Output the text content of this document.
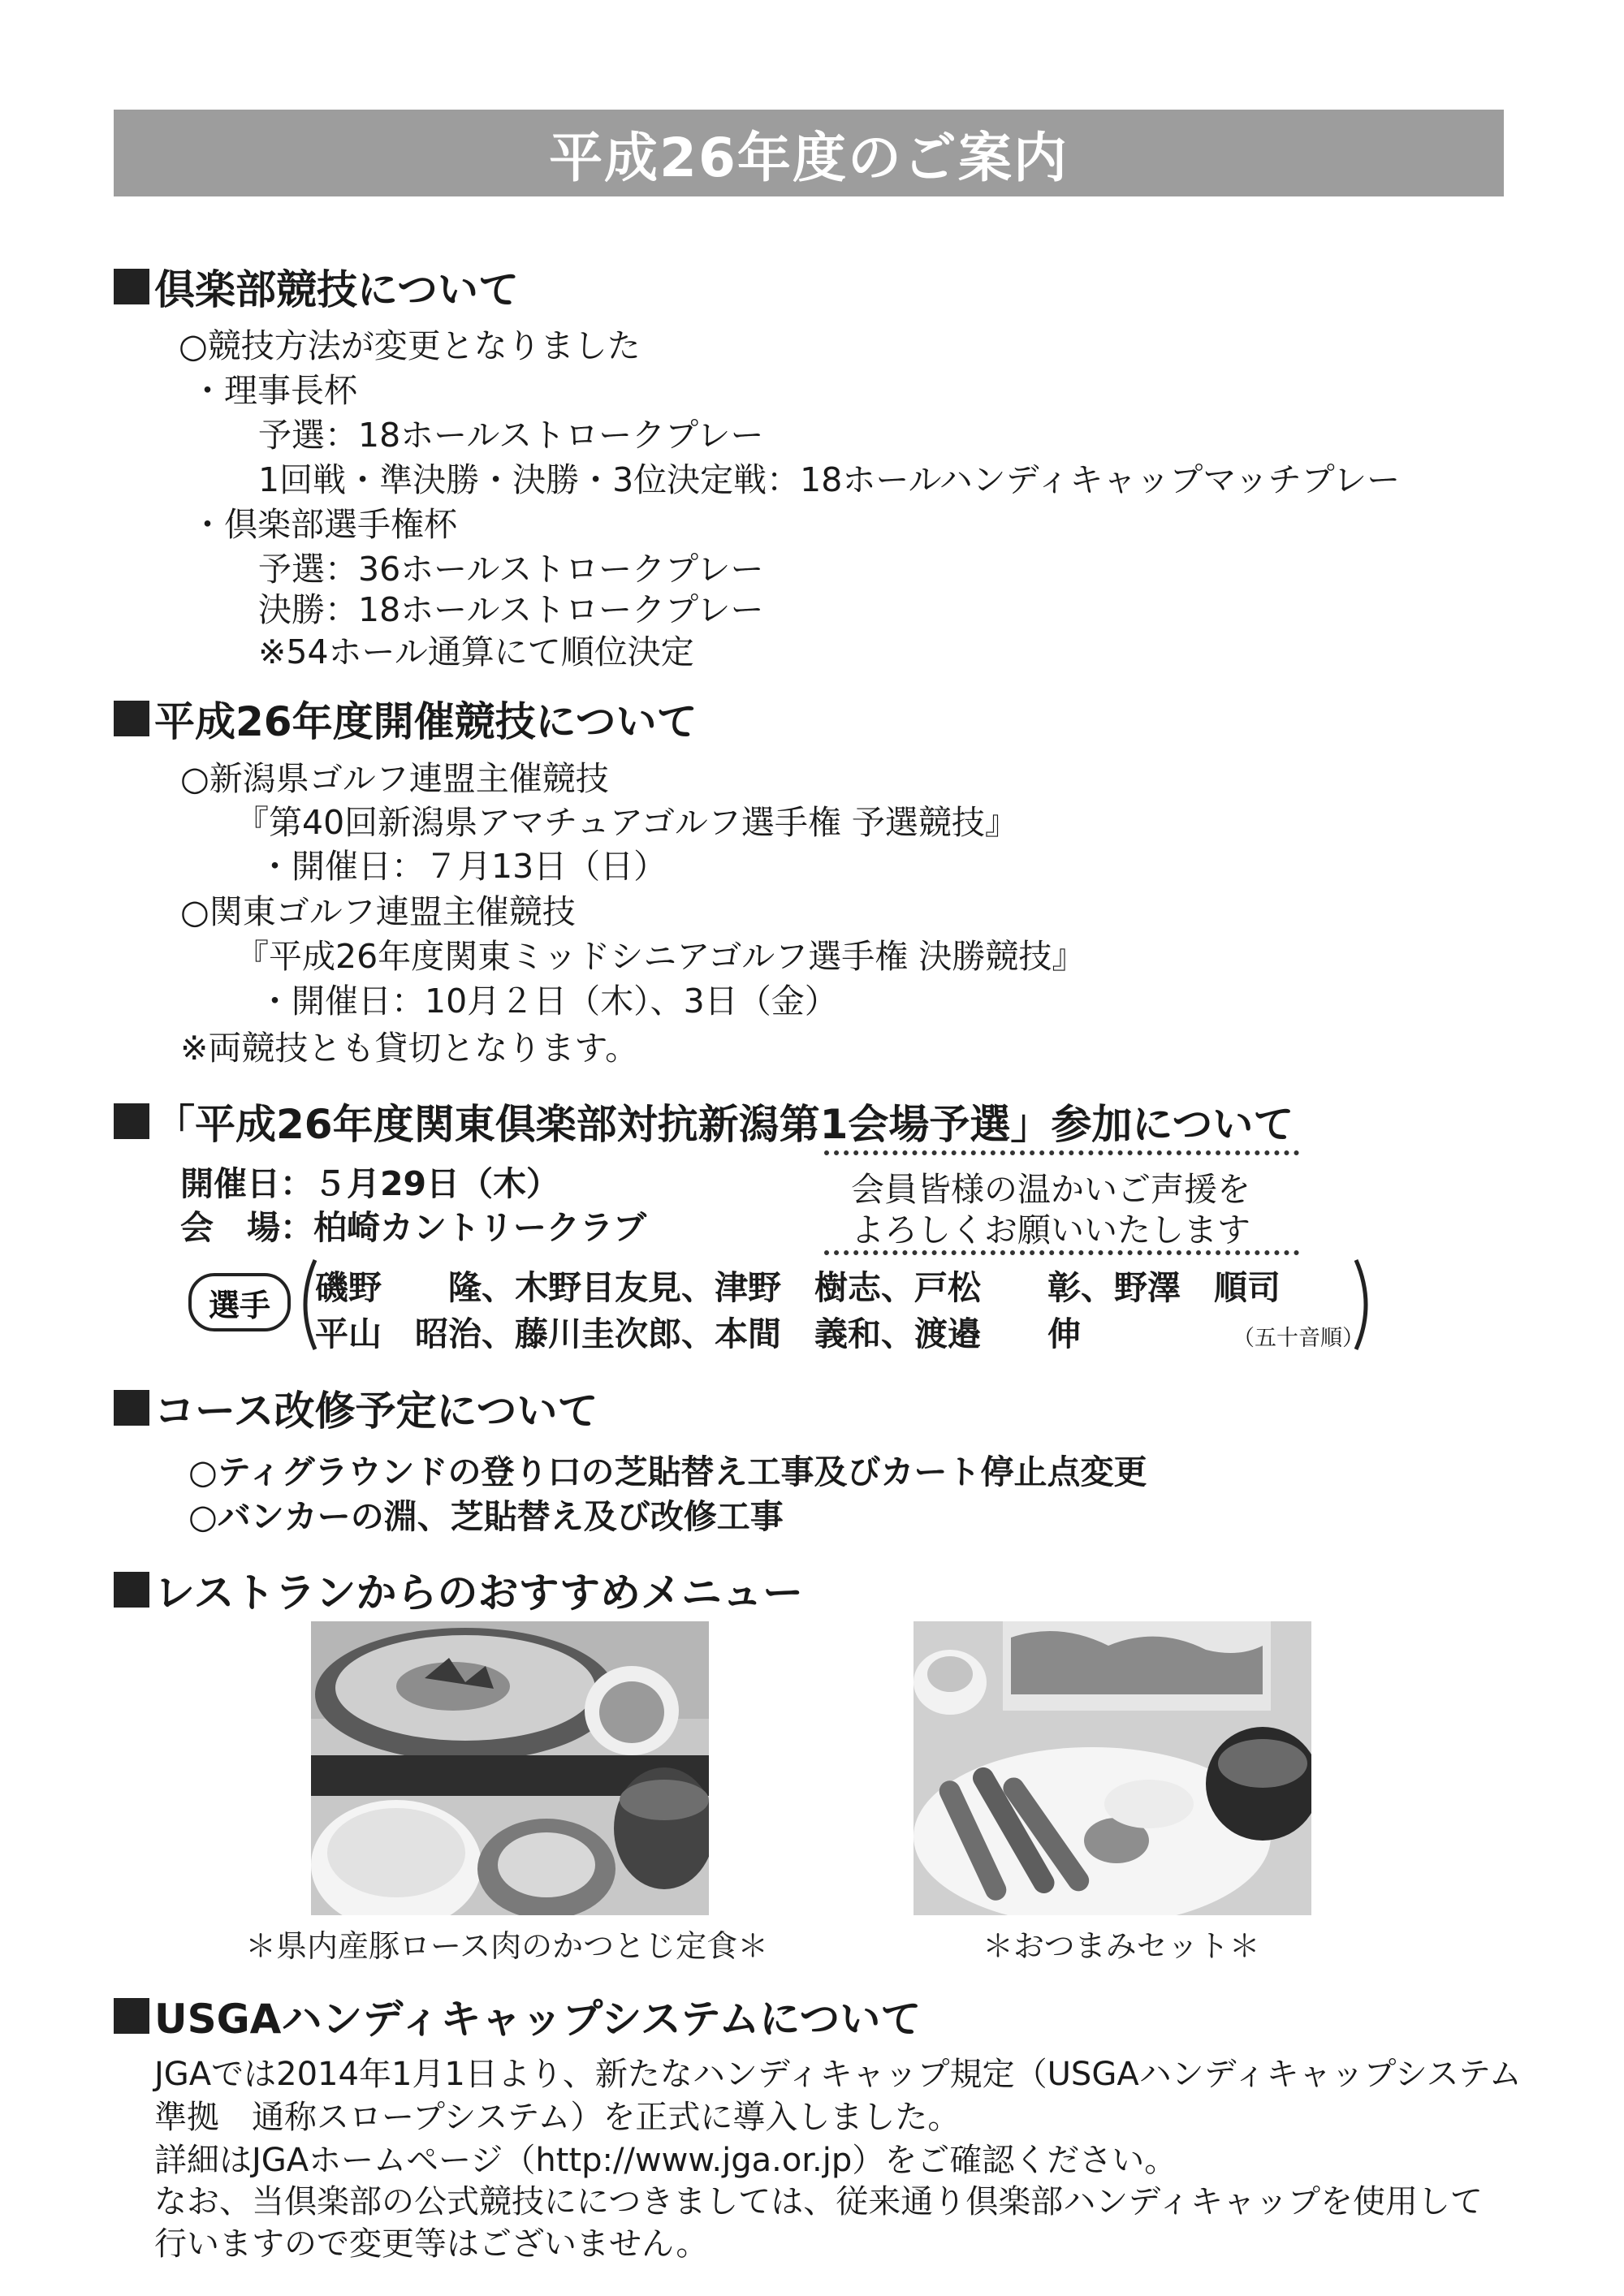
平成26年度のご案内
倶楽部競技について
○競技方法が変更となりました
・理事長杯
予選：18ホールストロークプレー
1回戦・準決勝・決勝・3位決定戦：18ホールハンディキャップマッチプレー
・倶楽部選手権杯
予選：36ホールストロークプレー
決勝：18ホールストロークプレー
※54ホール通算にて順位決定
平成26年度開催競技について
○新潟県ゴルフ連盟主催競技
『第40回新潟県アマチュアゴルフ選手権 予選競技』
・開催日：７月13日（日）
○関東ゴルフ連盟主催競技
『平成26年度関東ミッドシニアゴルフ選手権 決勝競技』
・開催日：10月２日（木）、3日（金）
※両競技とも貸切となります。
「平成26年度関東倶楽部対抗新潟第1会場予選」参加について
開催日：５月29日（木）
会　場：柏崎カントリークラブ
会員皆様の温かいご声援を
よろしくお願いいたします
選手	磯野　　隆、木野目友見、津野　樹志、戸松　　彰、野澤　順司
平山　昭治、藤川圭次郎、本間　義和、渡邉　　伸	（五十音順）
コース改修予定について
○ティグラウンドの登り口の芝貼替え工事及びカート停止点変更
○バンカーの淵、芝貼替え及び改修工事
レストランからのおすすめメニュー
＊県内産豚ロース肉のかつとじ定食＊	＊おつまみセット＊
USGAハンディキャップシステムについて
JGAでは2014年1月1日より、新たなハンディキャップ規定（USGAハンディキャップシステム
準拠　通称スロープシステム）を正式に導入しました。
詳細はJGAホームページ（http://www.jga.or.jp）をご確認ください。
なお、当倶楽部の公式競技ににつきましては、従来通り倶楽部ハンディキャップを使用して
行いますので変更等はございません。
